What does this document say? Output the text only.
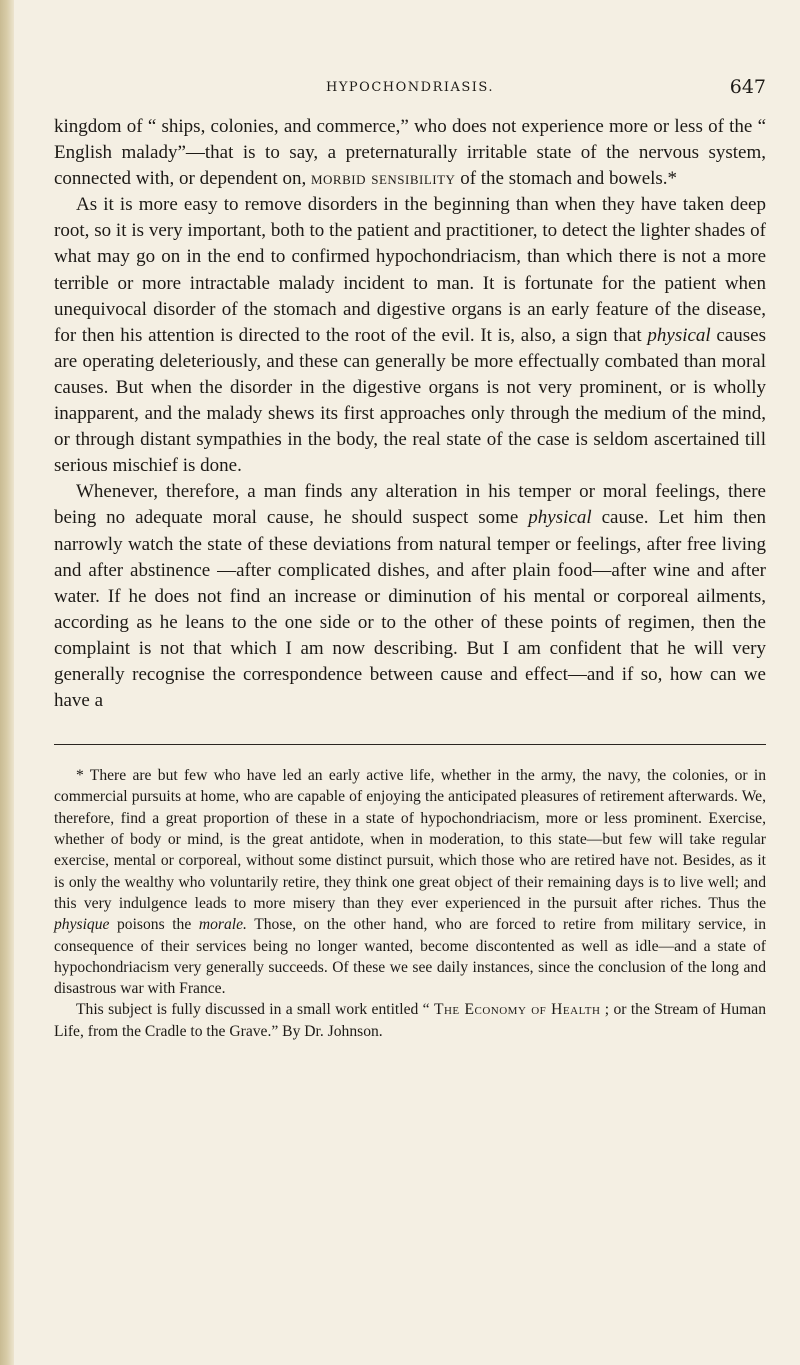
HYPOCHONDRIASIS.	647

kingdom of “ ships, colonies, and commerce,” who does not experience more or less of the “ English malady”—that is to say, a preternaturally irritable state of the nervous system, connected with, or dependent on, morbid sensibility of the stomach and bowels.*

As it is more easy to remove disorders in the beginning than when they have taken deep root, so it is very important, both to the patient and practitioner, to detect the lighter shades of what may go on in the end to confirmed hypochondriacism, than which there is not a more terrible or more intractable malady incident to man. It is fortunate for the patient when unequivocal disorder of the stomach and digestive organs is an early feature of the disease, for then his attention is directed to the root of the evil. It is, also, a sign that physical causes are operating deleteriously, and these can generally be more effectually combated than moral causes. But when the disorder in the digestive organs is not very prominent, or is wholly inapparent, and the malady shews its first approaches only through the medium of the mind, or through distant sympathies in the body, the real state of the case is seldom ascertained till serious mischief is done.

Whenever, therefore, a man finds any alteration in his temper or moral feelings, there being no adequate moral cause, he should suspect some physical cause. Let him then narrowly watch the state of these deviations from natural temper or feelings, after free living and after abstinence —after complicated dishes, and after plain food—after wine and after water. If he does not find an increase or diminution of his mental or corporeal ailments, according as he leans to the one side or to the other of these points of regimen, then the complaint is not that which I am now describing. But I am confident that he will very generally recognise the correspondence between cause and effect—and if so, how can we have a

* There are but few who have led an early active life, whether in the army, the navy, the colonies, or in commercial pursuits at home, who are capable of enjoying the anticipated pleasures of retirement afterwards. We, therefore, find a great proportion of these in a state of hypochondriacism, more or less prominent. Exercise, whether of body or mind, is the great antidote, when in moderation, to this state—but few will take regular exercise, mental or corporeal, without some distinct pursuit, which those who are retired have not. Besides, as it is only the wealthy who voluntarily retire, they think one great object of their remaining days is to live well; and this very indulgence leads to more misery than they ever experienced in the pursuit after riches. Thus the physique poisons the morale. Those, on the other hand, who are forced to retire from military service, in consequence of their services being no longer wanted, become discontented as well as idle—and a state of hypochondriacism very generally succeeds. Of these we see daily instances, since the conclusion of the long and disastrous war with France.

This subject is fully discussed in a small work entitled “ The Economy of Health ; or the Stream of Human Life, from the Cradle to the Grave.” By Dr. Johnson.
